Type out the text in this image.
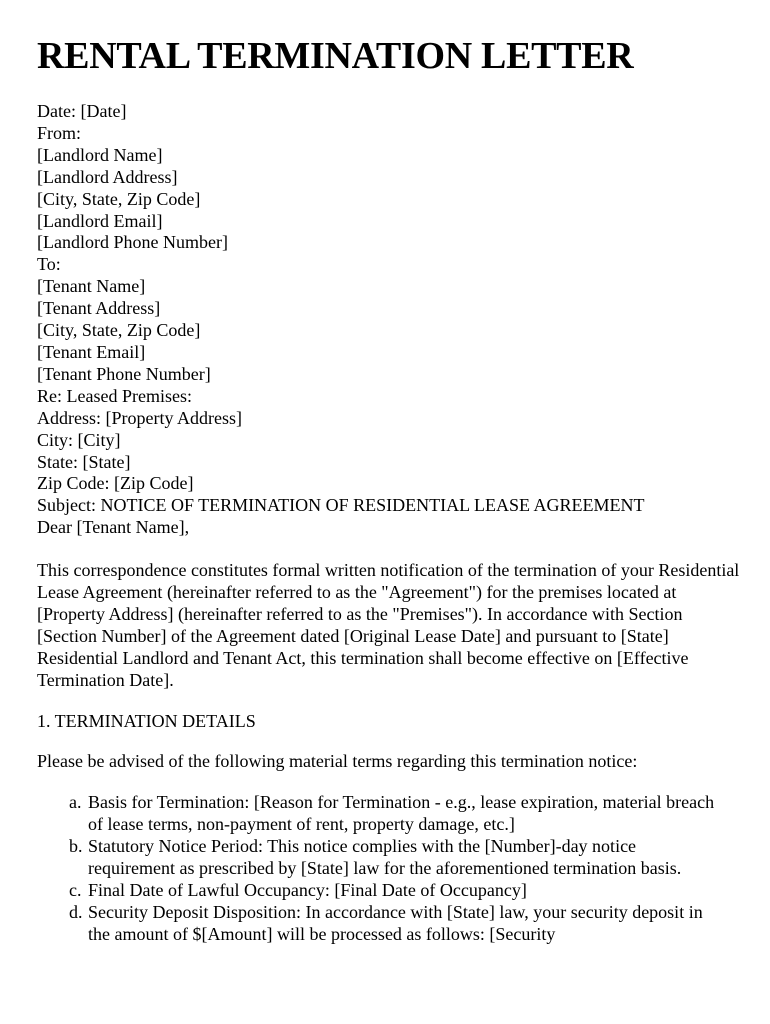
RENTAL TERMINATION LETTER
Date: [Date]
From:
[Landlord Name]
[Landlord Address]
[City, State, Zip Code]
[Landlord Email]
[Landlord Phone Number]
To:
[Tenant Name]
[Tenant Address]
[City, State, Zip Code]
[Tenant Email]
[Tenant Phone Number]
Re: Leased Premises:
Address: [Property Address]
City: [City]
State: [State]
Zip Code: [Zip Code]
Subject: NOTICE OF TERMINATION OF RESIDENTIAL LEASE AGREEMENT
Dear [Tenant Name],

This correspondence constitutes formal written notification of the termination of your Residential Lease Agreement (hereinafter referred to as the "Agreement") for the premises located at [Property Address] (hereinafter referred to as the "Premises"). In accordance with Section [Section Number] of the Agreement dated [Original Lease Date] and pursuant to [State] Residential Landlord and Tenant Act, this termination shall become effective on [Effective Termination Date].

1. TERMINATION DETAILS

Please be advised of the following material terms regarding this termination notice:

a. Basis for Termination: [Reason for Termination - e.g., lease expiration, material breach of lease terms, non-payment of rent, property damage, etc.]
b. Statutory Notice Period: This notice complies with the [Number]-day notice requirement as prescribed by [State] law for the aforementioned termination basis.
c. Final Date of Lawful Occupancy: [Final Date of Occupancy]
d. Security Deposit Disposition: In accordance with [State] law, your security deposit in the amount of $[Amount] will be processed as follows: [Security
